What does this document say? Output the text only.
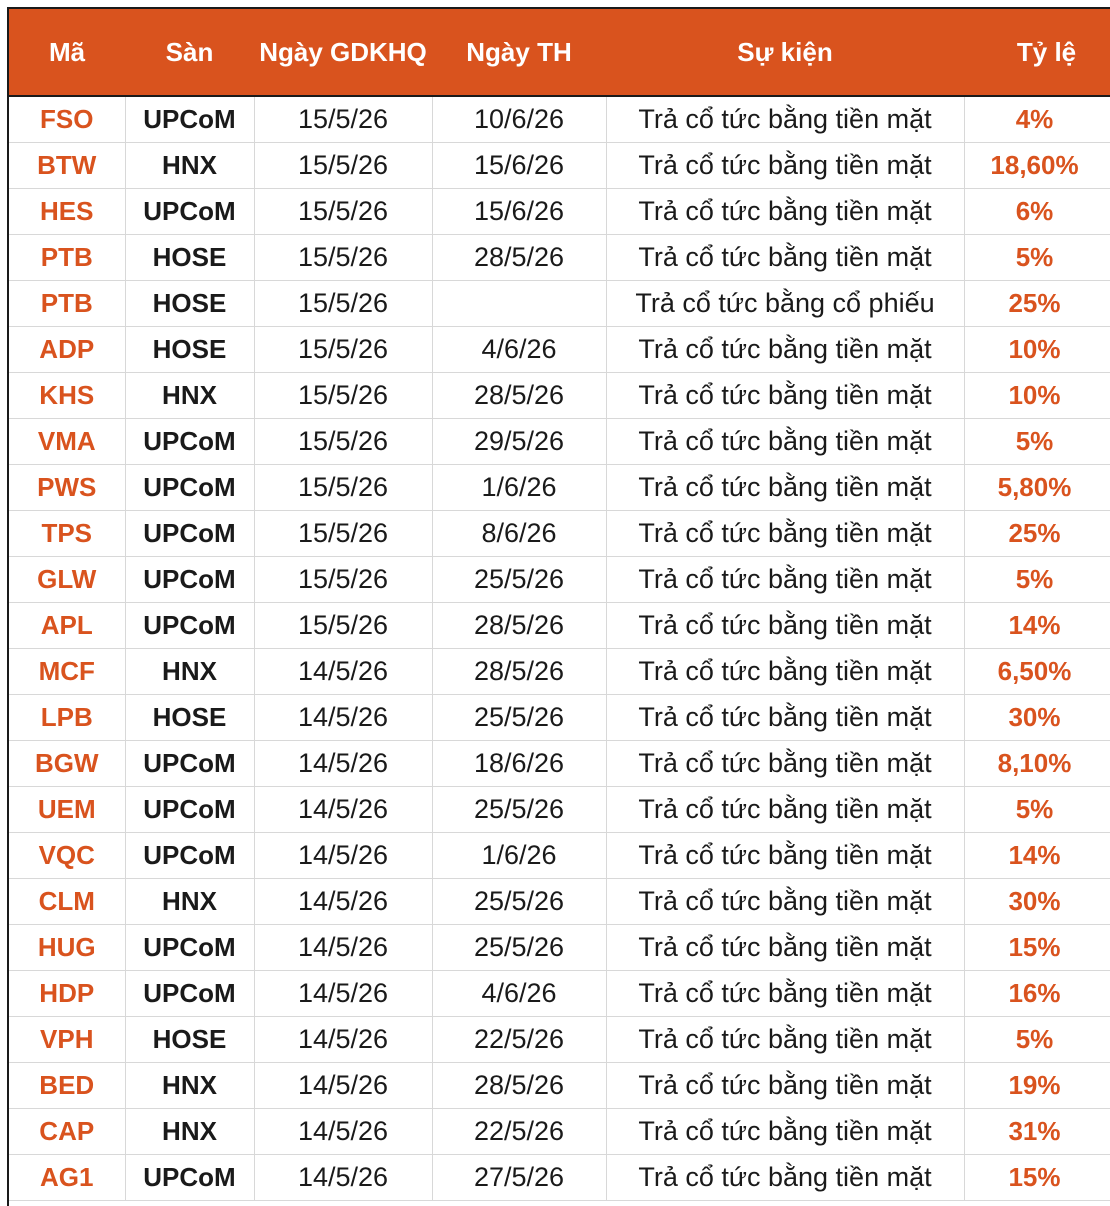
Mã	Sàn	Ngày GDKHQ	Ngày TH	Sự kiện	Tỷ lệ
FSO	UPCoM	15/5/26	10/6/26	Trả cổ tức bằng tiền mặt	4%
BTW	HNX	15/5/26	15/6/26	Trả cổ tức bằng tiền mặt	18,60%
HES	UPCoM	15/5/26	15/6/26	Trả cổ tức bằng tiền mặt	6%
PTB	HOSE	15/5/26	28/5/26	Trả cổ tức bằng tiền mặt	5%
PTB	HOSE	15/5/26		Trả cổ tức bằng cổ phiếu	25%
ADP	HOSE	15/5/26	4/6/26	Trả cổ tức bằng tiền mặt	10%
KHS	HNX	15/5/26	28/5/26	Trả cổ tức bằng tiền mặt	10%
VMA	UPCoM	15/5/26	29/5/26	Trả cổ tức bằng tiền mặt	5%
PWS	UPCoM	15/5/26	1/6/26	Trả cổ tức bằng tiền mặt	5,80%
TPS	UPCoM	15/5/26	8/6/26	Trả cổ tức bằng tiền mặt	25%
GLW	UPCoM	15/5/26	25/5/26	Trả cổ tức bằng tiền mặt	5%
APL	UPCoM	15/5/26	28/5/26	Trả cổ tức bằng tiền mặt	14%
MCF	HNX	14/5/26	28/5/26	Trả cổ tức bằng tiền mặt	6,50%
LPB	HOSE	14/5/26	25/5/26	Trả cổ tức bằng tiền mặt	30%
BGW	UPCoM	14/5/26	18/6/26	Trả cổ tức bằng tiền mặt	8,10%
UEM	UPCoM	14/5/26	25/5/26	Trả cổ tức bằng tiền mặt	5%
VQC	UPCoM	14/5/26	1/6/26	Trả cổ tức bằng tiền mặt	14%
CLM	HNX	14/5/26	25/5/26	Trả cổ tức bằng tiền mặt	30%
HUG	UPCoM	14/5/26	25/5/26	Trả cổ tức bằng tiền mặt	15%
HDP	UPCoM	14/5/26	4/6/26	Trả cổ tức bằng tiền mặt	16%
VPH	HOSE	14/5/26	22/5/26	Trả cổ tức bằng tiền mặt	5%
BED	HNX	14/5/26	28/5/26	Trả cổ tức bằng tiền mặt	19%
CAP	HNX	14/5/26	22/5/26	Trả cổ tức bằng tiền mặt	31%
AG1	UPCoM	14/5/26	27/5/26	Trả cổ tức bằng tiền mặt	15%
